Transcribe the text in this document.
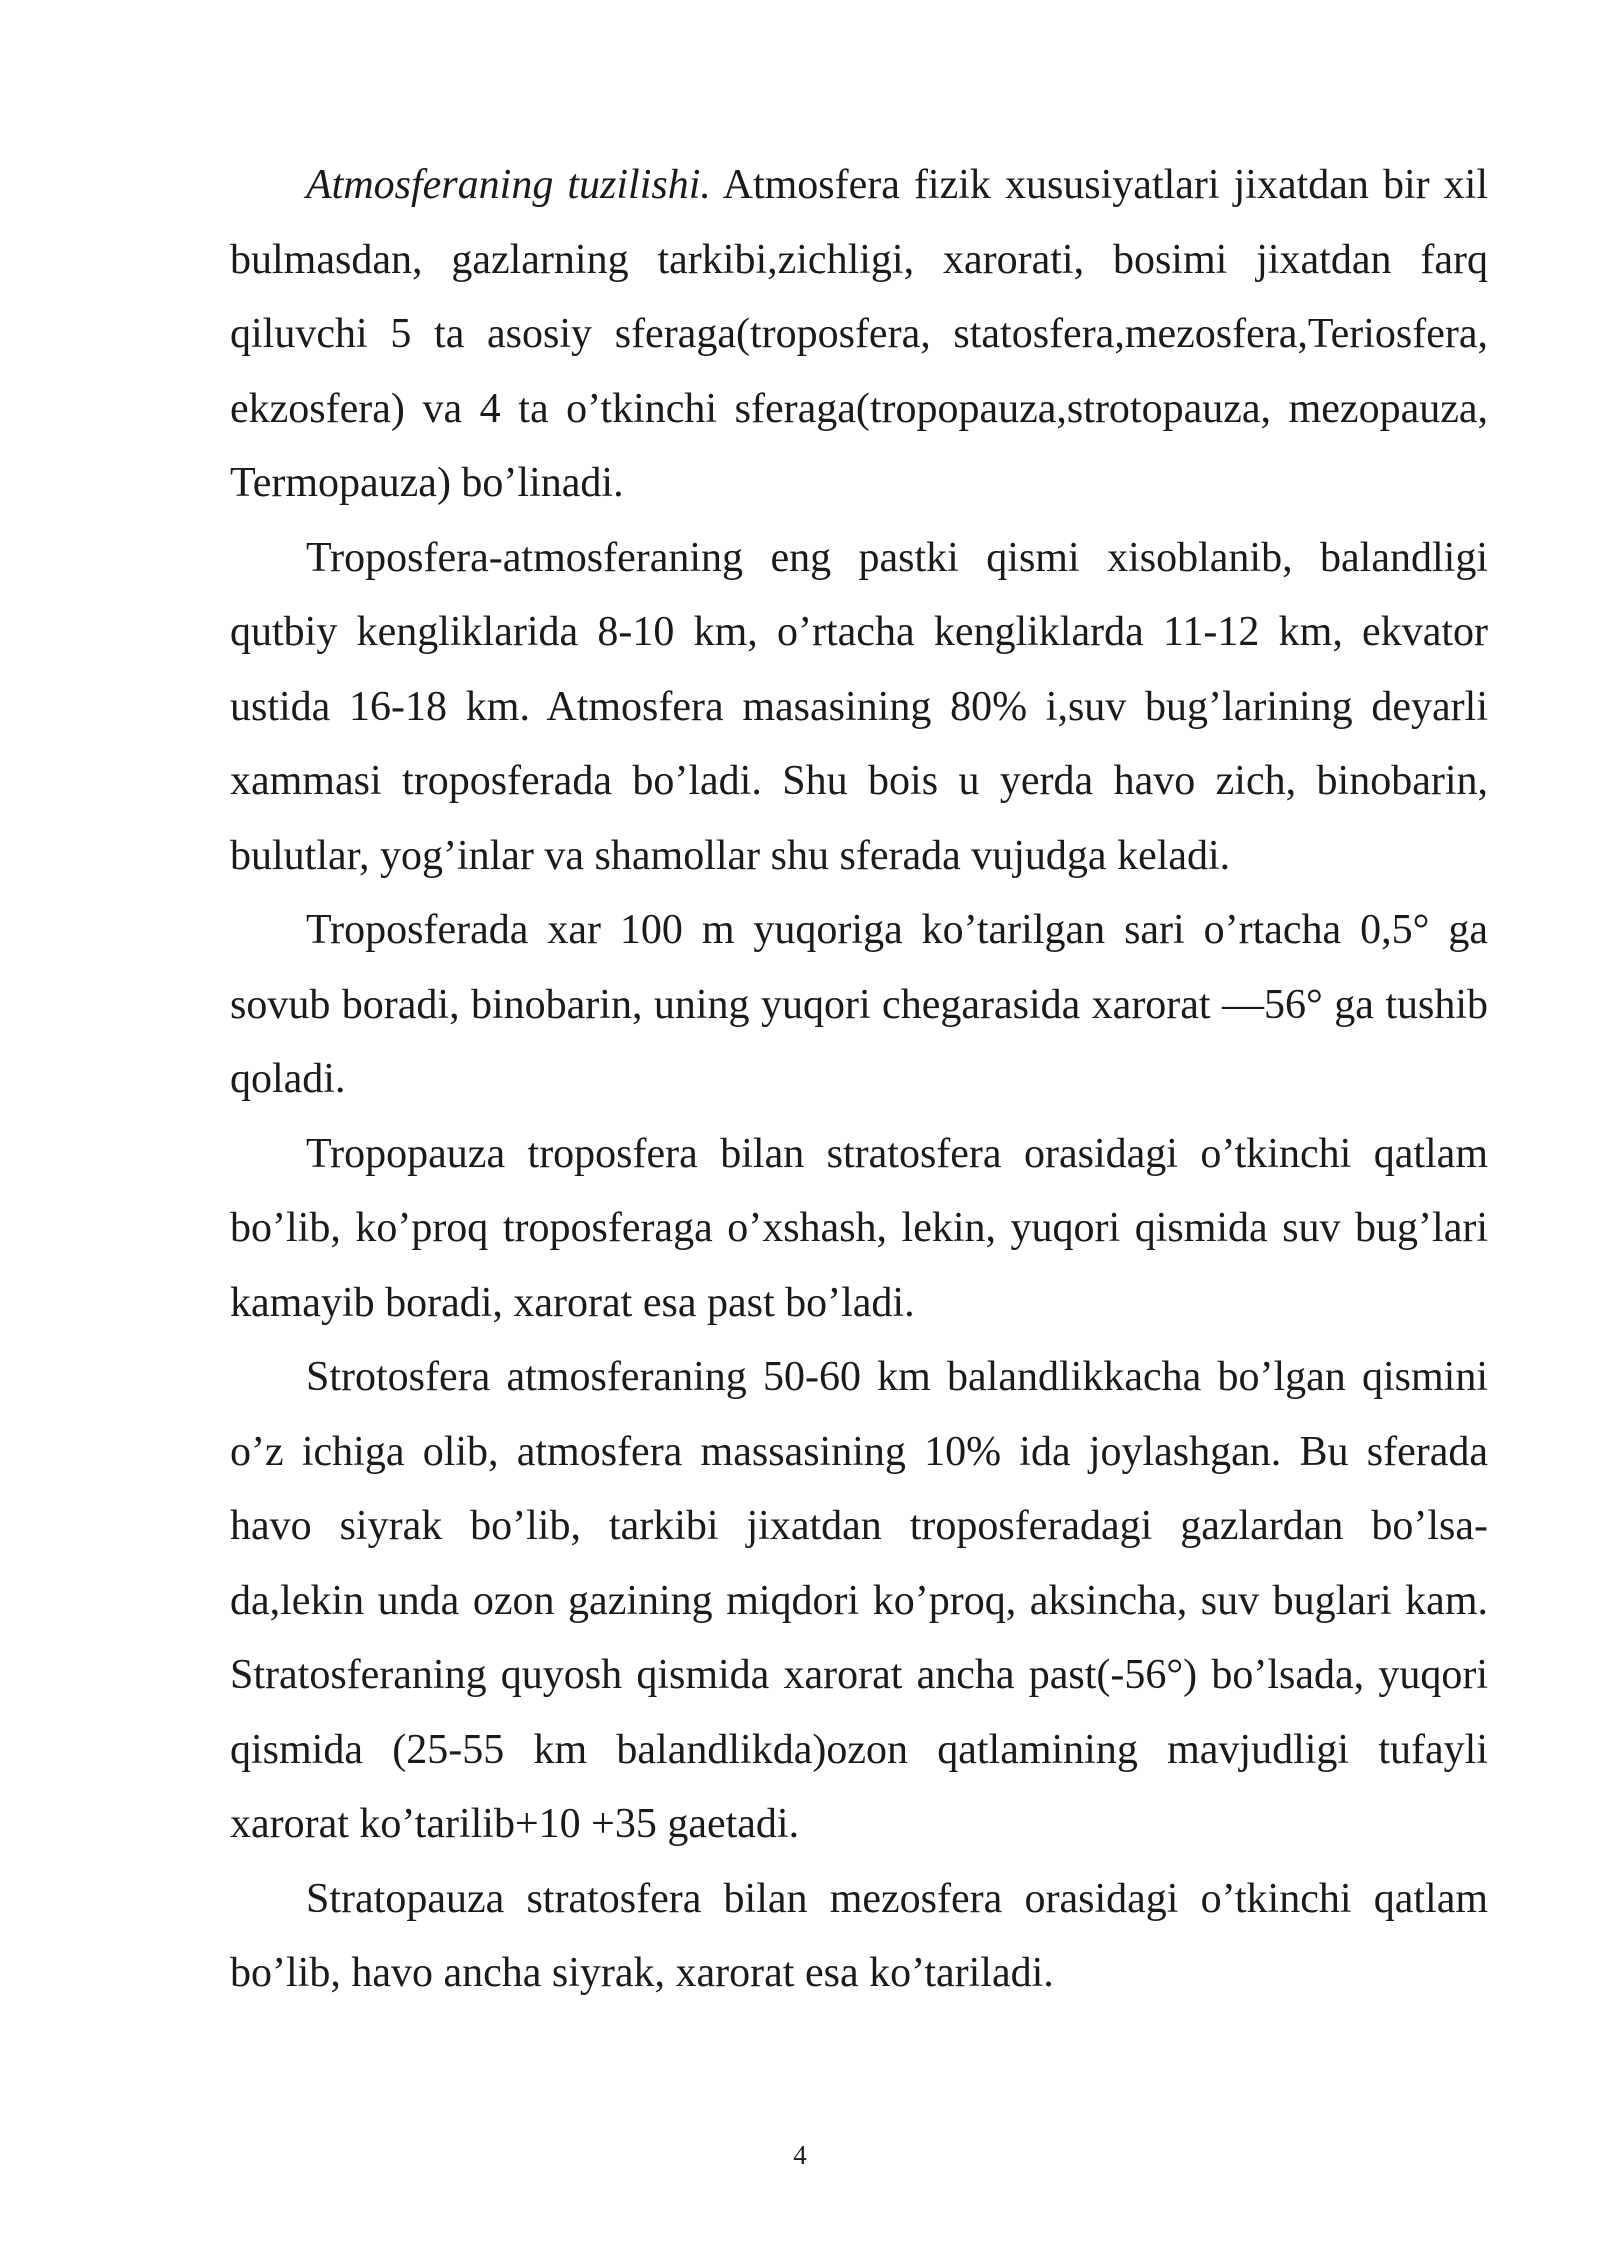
Atmosferaning tuzilishi. Atmosfera fizik xususiyatlari jixatdan bir xil bulmasdan, gazlarning tarkibi,zichligi, xarorati, bosimi jixatdan farq qiluvchi 5 ta asosiy sferaga(troposfera, statosfera,mezosfera,Teriosfera, ekzosfera) va 4 ta o’tkinchi sferaga(tropopauza,strotopauza, mezopauza, Termopauza) bo’linadi.

Troposfera-atmosferaning eng pastki qismi xisoblanib, balandligi qutbiy kengliklarida 8-10 km, o’rtacha kengliklarda 11-12 km, ekvator ustida 16-18 km. Atmosfera masasining 80% i,suv bug’larining deyarli xammasi troposferada bo’ladi. Shu bois u yerda havo zich, binobarin, bulutlar, yog’inlar va shamollar shu sferada vujudga keladi.

Troposferada xar 100 m yuqoriga ko’tarilgan sari o’rtacha 0,5° ga sovub boradi, binobarin, uning yuqori chegarasida xarorat —56° ga tushib qoladi.

Tropopauza troposfera bilan stratosfera orasidagi o’tkinchi qatlam bo’lib, ko’proq troposferaga o’xshash, lekin, yuqori qismida suv bug’lari kamayib boradi, xarorat esa past bo’ladi.

Strotosfera atmosferaning 50-60 km balandlikkacha bo’lgan qismini o’z ichiga olib, atmosfera massasining 10% ida joylashgan. Bu sferada havo siyrak bo’lib, tarkibi jixatdan troposferadagi gazlardan bo’lsa-da,lekin unda ozon gazining miqdori ko’proq, aksincha, suv buglari kam. Stratosferaning quyosh qismida xarorat ancha past(-56°) bo’lsada, yuqori qismida (25-55 km balandlikda)ozon qatlamining mavjudligi tufayli xarorat ko’tarilib+10 +35 gaetadi.

Stratopauza stratosfera bilan mezosfera orasidagi o’tkinchi qatlam bo’lib, havo ancha siyrak, xarorat esa ko’tariladi.

4
